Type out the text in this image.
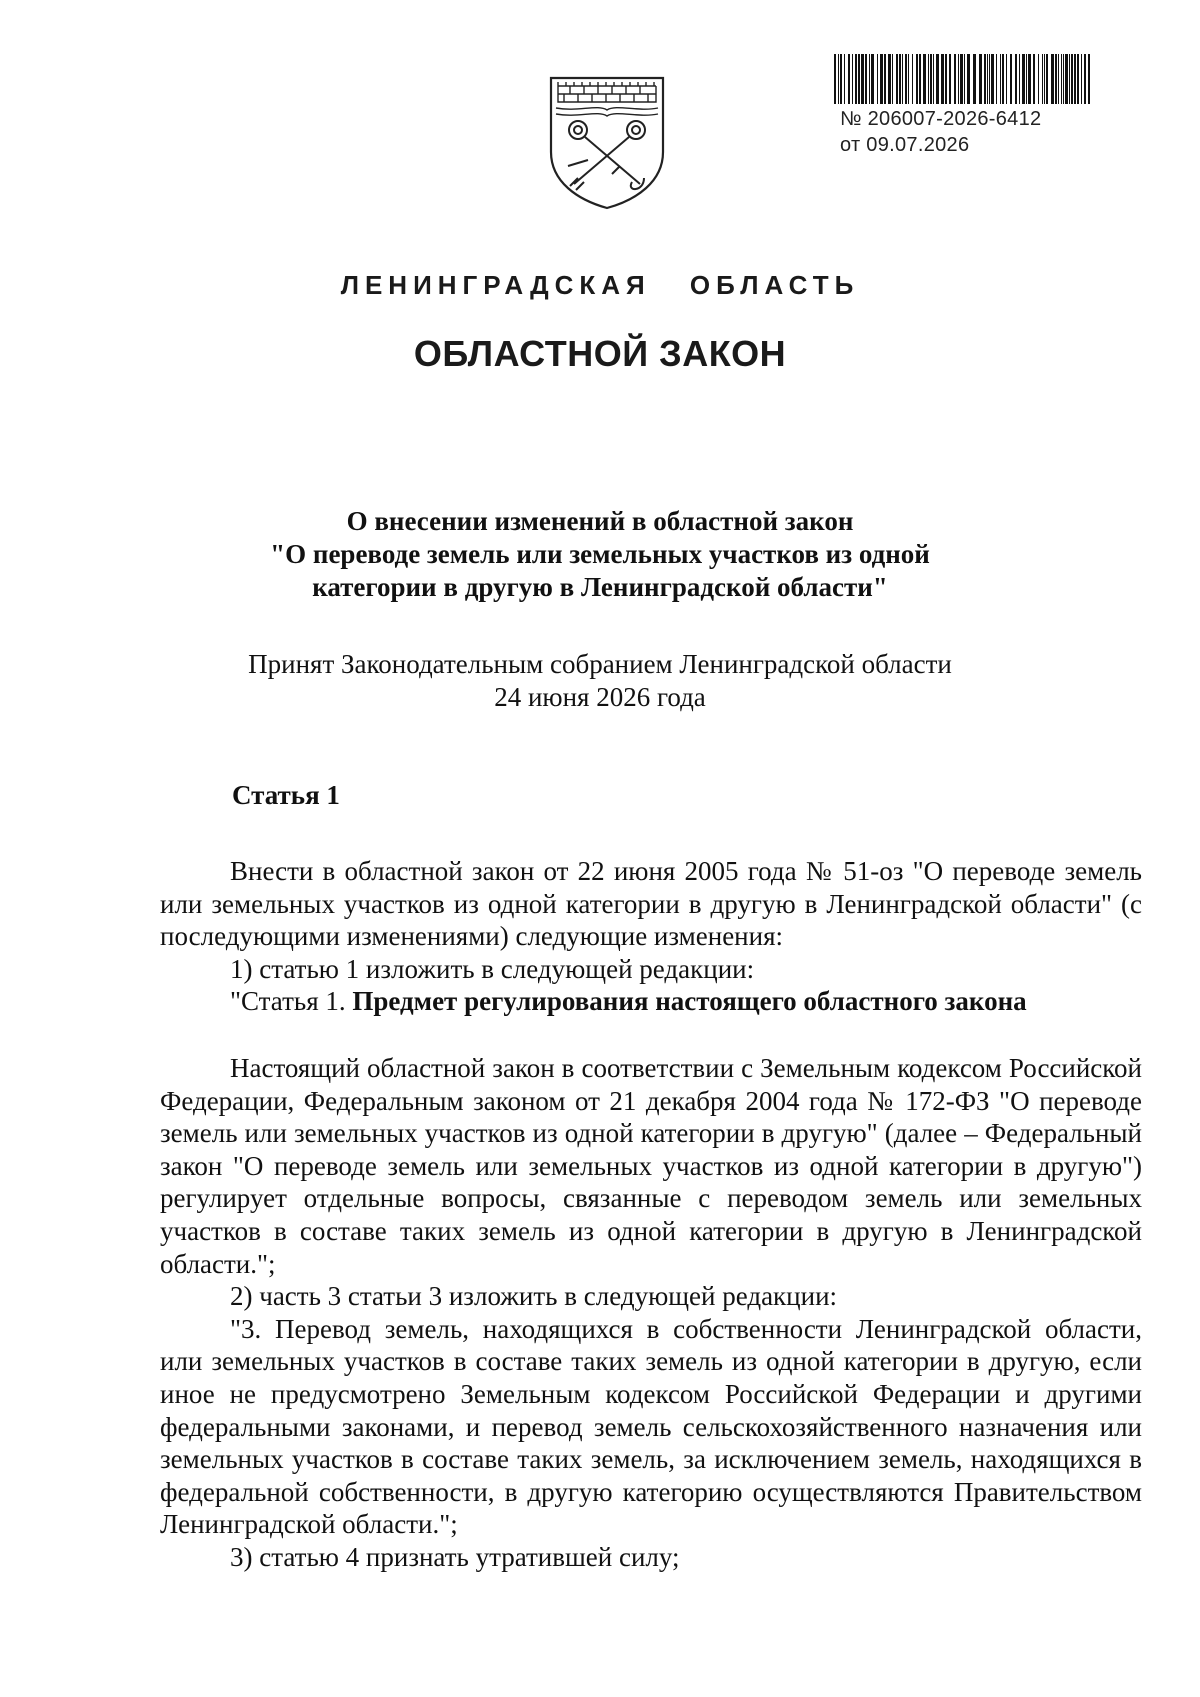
№ 206007-2026-6412
от 09.07.2026
ЛЕНИНГРАДСКАЯ ОБЛАСТЬ
ОБЛАСТНОЙ ЗАКОН
О внесении изменений в областной закон
"О переводе земель или земельных участков из одной
категории в другую в Ленинградской области"
Принят Законодательным собранием Ленинградской области
24 июня 2026 года
Статья 1

Внести в областной закон от 22 июня 2005 года № 51-оз "О переводе земель или земельных участков из одной категории в другую в Ленинградской области" (с последующими изменениями) следующие изменения:

1) статью 1 изложить в следующей редакции:

"Статья 1. Предмет регулирования настоящего областного закона

Настоящий областной закон в соответствии с Земельным кодексом Российской Федерации, Федеральным законом от 21 декабря 2004 года № 172-ФЗ "О переводе земель или земельных участков из одной категории в другую" (далее – Федеральный закон "О переводе земель или земельных участков из одной категории в другую") регулирует отдельные вопросы, связанные с переводом земель или земельных участков в составе таких земель из одной категории в другую в Ленинградской области.";

2) часть 3 статьи 3 изложить в следующей редакции:

"3. Перевод земель, находящихся в собственности Ленинградской области, или земельных участков в составе таких земель из одной категории в другую, если иное не предусмотрено Земельным кодексом Российской Федерации и другими федеральными законами, и перевод земель сельскохозяйственного назначения или земельных участков в составе таких земель, за исключением земель, находящихся в федеральной собственности, в другую категорию осуществляются Правительством Ленинградской области.";

3) статью 4 признать утратившей силу;
